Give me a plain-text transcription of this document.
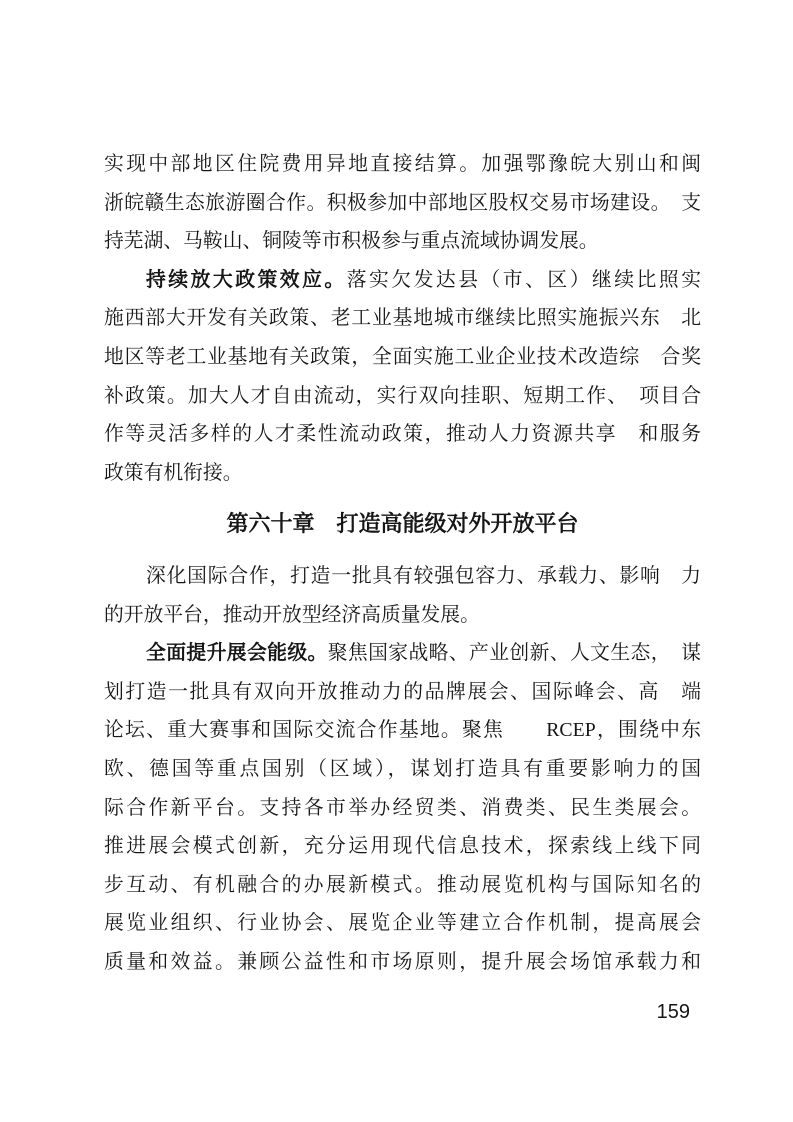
实现中部地区住院费用异地直接结算。加强鄂豫皖大别山和闽
浙皖赣生态旅游圈合作。积极参加中部地区股权交易市场建设。　支
持芜湖、马鞍山、铜陵等市积极参与重点流域协调发展。
持续放大政策效应。落实欠发达县（市、区）继续比照实
施西部大开发有关政策、老工业基地城市继续比照实施振兴东　北
地区等老工业基地有关政策，全面实施工业企业技术改造综　合奖
补政策。加大人才自由流动，实行双向挂职、短期工作、　项目合
作等灵活多样的人才柔性流动政策，推动人力资源共享　和服务
政策有机衔接。
第六十章　打造高能级对外开放平台
深化国际合作，打造一批具有较强包容力、承载力、影响　力
的开放平台，推动开放型经济高质量发展。
全面提升展会能级。聚焦国家战略、产业创新、人文生态，　谋
划打造一批具有双向开放推动力的品牌展会、国际峰会、高　端
论坛、重大赛事和国际交流合作基地。聚焦　　RCEP，围绕中东
欧、德国等重点国别（区域），谋划打造具有重要影响力的国
际合作新平台。支持各市举办经贸类、消费类、民生类展会。
推进展会模式创新，充分运用现代信息技术，探索线上线下同
步互动、有机融合的办展新模式。推动展览机构与国际知名的
展览业组织、行业协会、展览企业等建立合作机制，提高展会
质量和效益。兼顾公益性和市场原则，提升展会场馆承载力和
159
